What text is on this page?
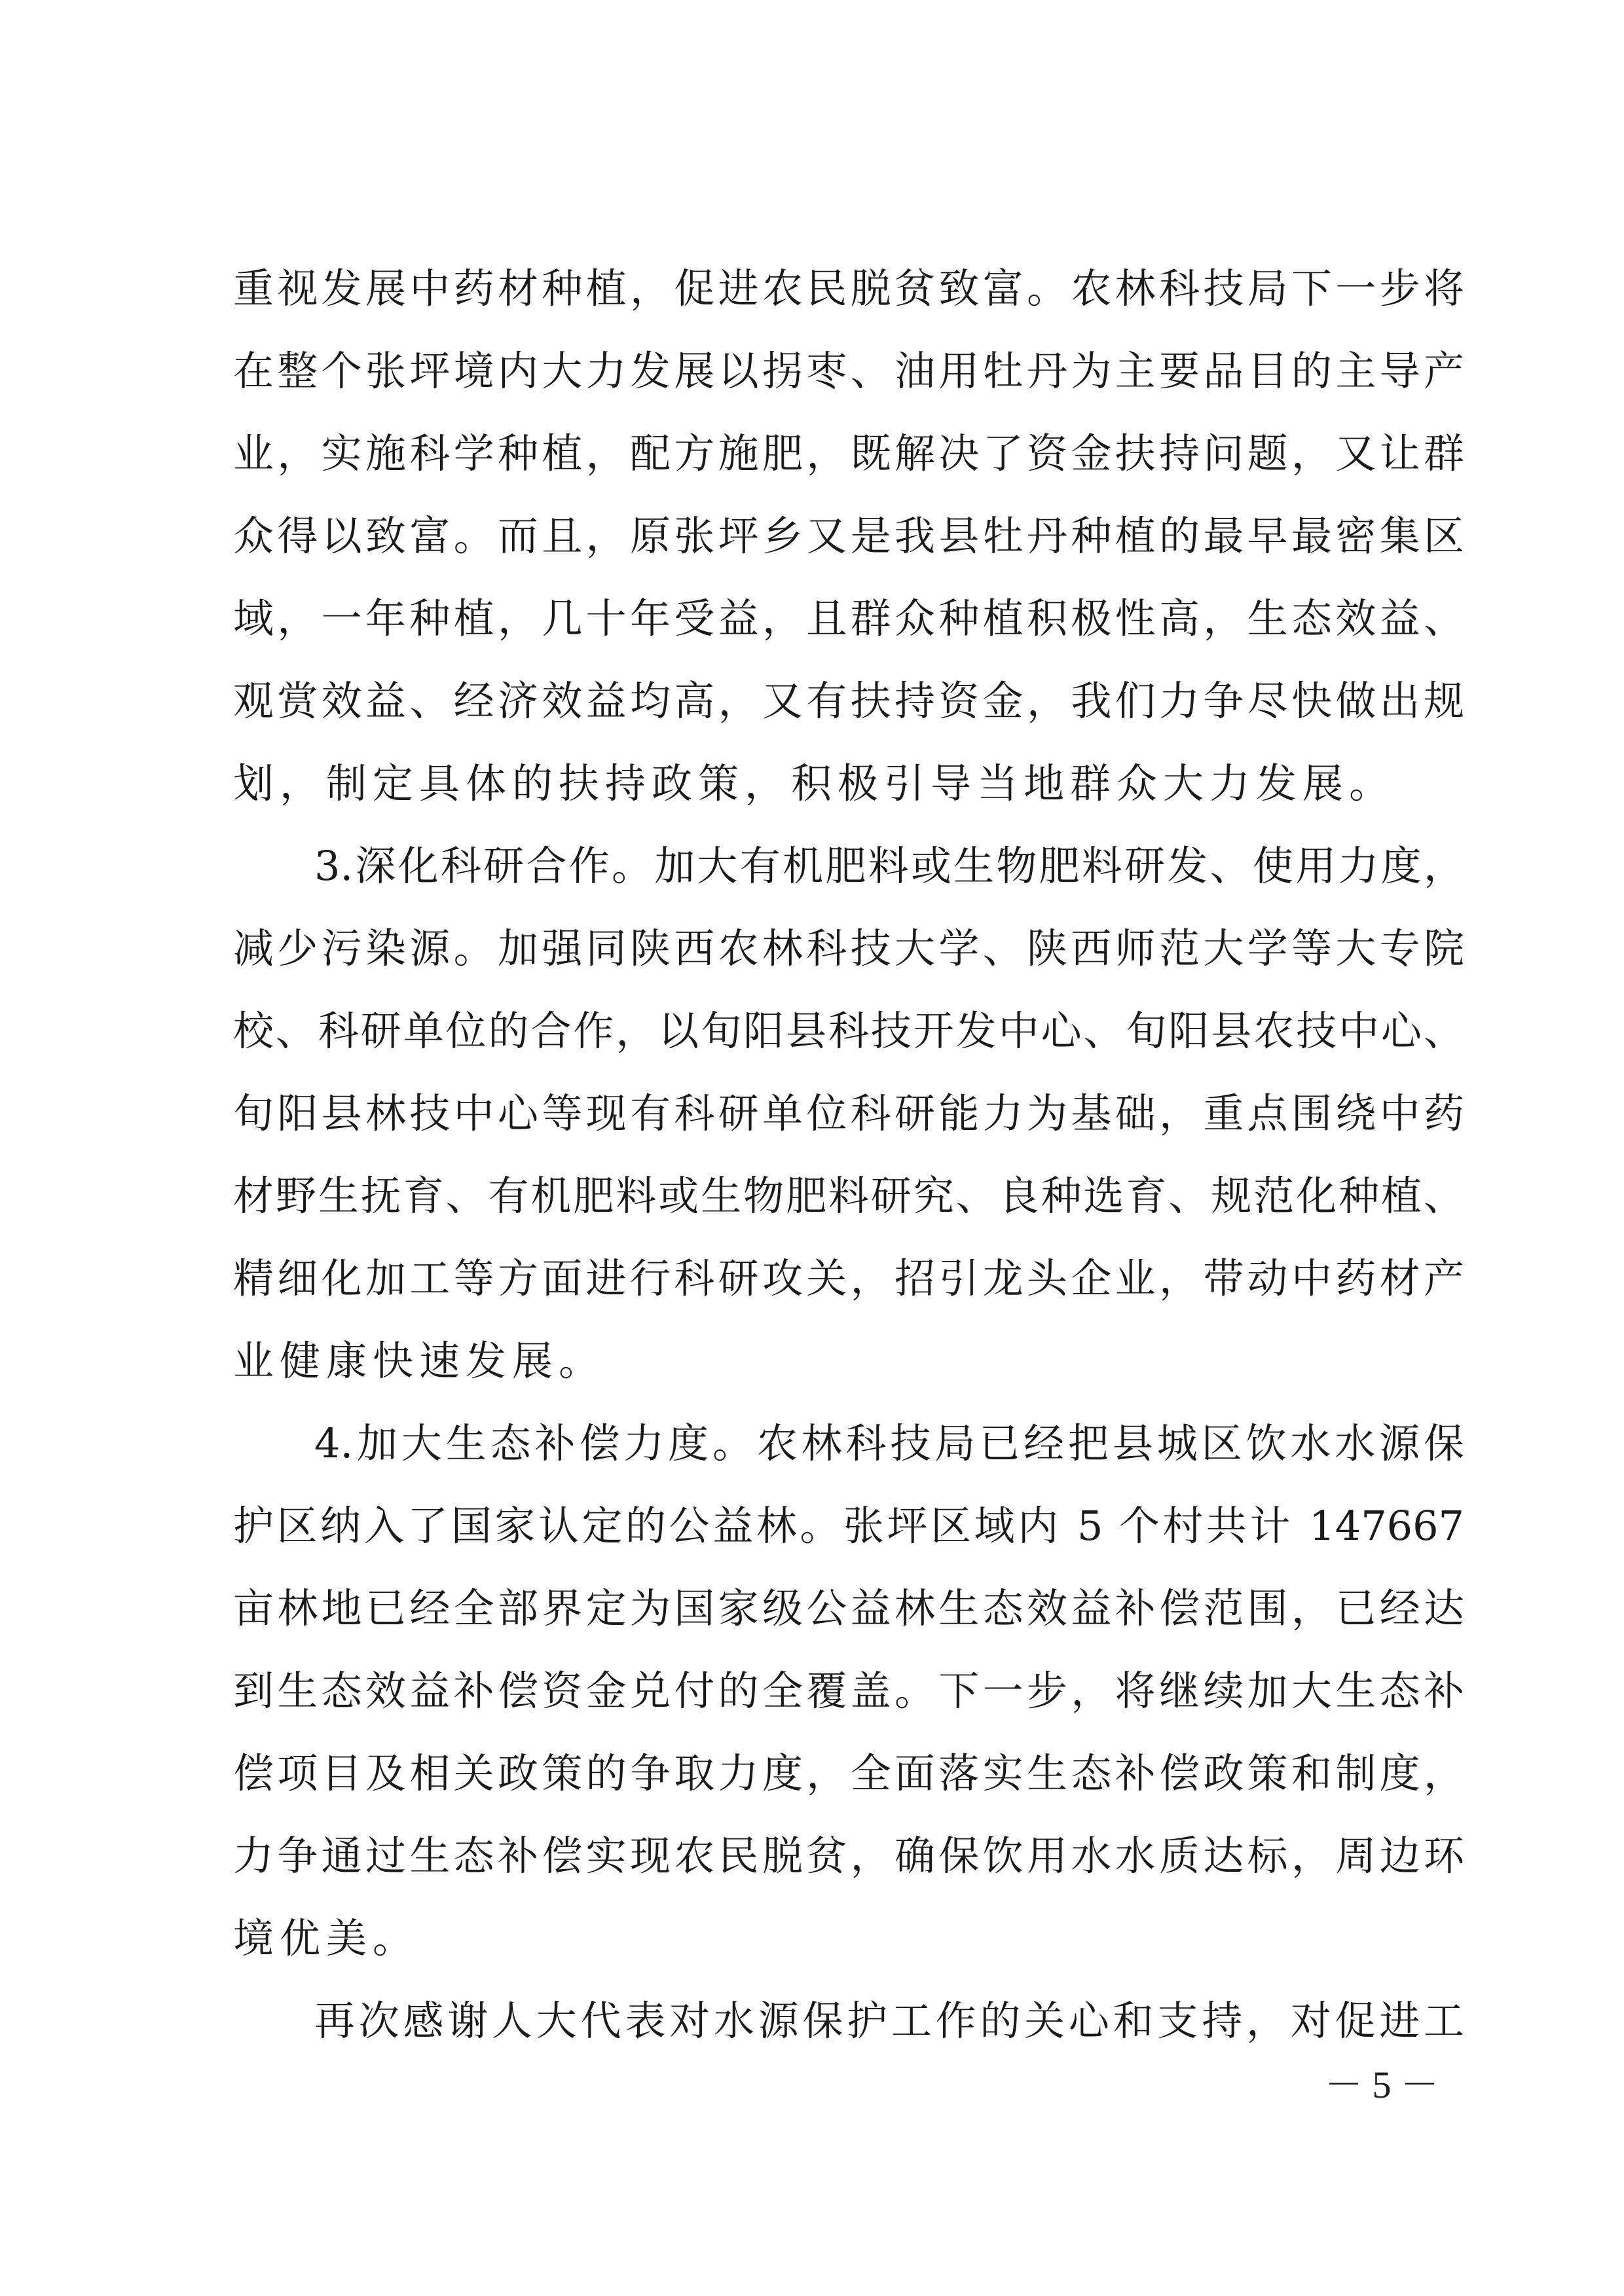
重视发展中药材种植，促进农民脱贫致富。农林科技局下一步将
在整个张坪境内大力发展以拐枣、油用牡丹为主要品目的主导产
业，实施科学种植，配方施肥，既解决了资金扶持问题，又让群
众得以致富。而且，原张坪乡又是我县牡丹种植的最早最密集区
域，一年种植，几十年受益，且群众种植积极性高，生态效益、
观赏效益、经济效益均高，又有扶持资金，我们力争尽快做出规
划，制定具体的扶持政策，积极引导当地群众大力发展。
3.深化科研合作。加大有机肥料或生物肥料研发、使用力度，
减少污染源。加强同陕西农林科技大学、陕西师范大学等大专院
校、科研单位的合作，以旬阳县科技开发中心、旬阳县农技中心、
旬阳县林技中心等现有科研单位科研能力为基础，重点围绕中药
材野生抚育、有机肥料或生物肥料研究、良种选育、规范化种植、
精细化加工等方面进行科研攻关，招引龙头企业，带动中药材产
业健康快速发展。
4.加大生态补偿力度。农林科技局已经把县城区饮水水源保
护区纳入了国家认定的公益林。张坪区域内 5 个村共计 147667
亩林地已经全部界定为国家级公益林生态效益补偿范围，已经达
到生态效益补偿资金兑付的全覆盖。下一步，将继续加大生态补
偿项目及相关政策的争取力度，全面落实生态补偿政策和制度，
力争通过生态补偿实现农民脱贫，确保饮用水水质达标，周边环
境优美。
再次感谢人大代表对水源保护工作的关心和支持，对促进工
－ 5 －
